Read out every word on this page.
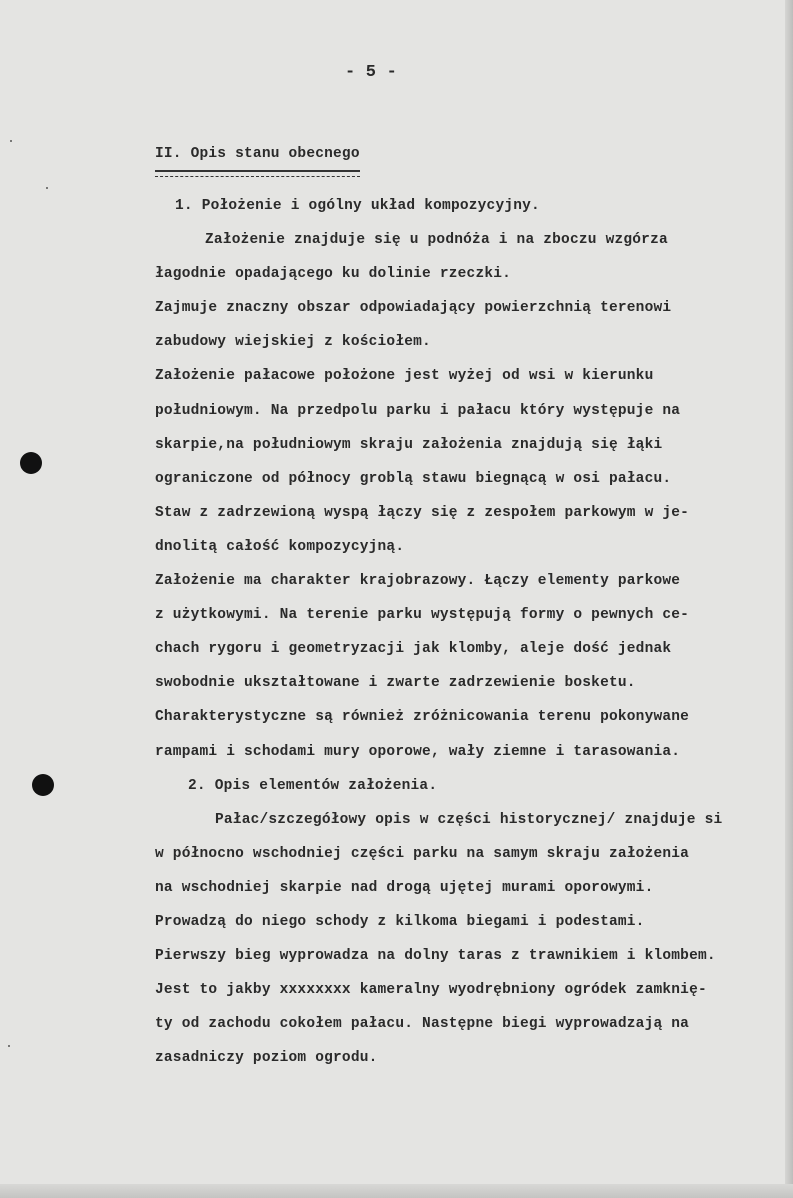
- 5 -
II. Opis stanu obecnego
1. Położenie i ogólny układ kompozycyjny.
Założenie znajduje się u podnóża i na zboczu wzgórza
łagodnie opadającego ku dolinie rzeczki.
Zajmuje znaczny obszar odpowiadający powierzchnią terenowi
zabudowy wiejskiej z kościołem.
Założenie pałacowe położone jest wyżej od wsi w kierunku
południowym. Na przedpolu parku i pałacu który występuje na
skarpie,na południowym skraju założenia znajdują się łąki
ograniczone od północy groblą stawu biegnącą w osi pałacu.
Staw z zadrzewioną wyspą łączy się z zespołem parkowym w je-
dnolitą całość kompozycyjną.
Założenie ma charakter krajobrazowy. Łączy elementy parkowe
z użytkowymi. Na terenie parku występują formy o pewnych ce-
chach rygoru i geometryzacji jak klomby, aleje dość jednak
swobodnie ukształtowane i zwarte zadrzewienie bosketu.
Charakterystyczne są również zróżnicowania terenu pokonywane
rampami i schodami mury oporowe, wały ziemne i tarasowania.
2. Opis elementów założenia.
Pałac/szczegółowy opis w części historycznej/ znajduje si
w północno wschodniej części parku na samym skraju założenia
na wschodniej skarpie nad drogą ujętej murami oporowymi.
Prowadzą do niego schody z kilkoma biegami i podestami.
Pierwszy bieg wyprowadza na dolny taras z trawnikiem i klombem.
Jest to jakby xxxxxxxx kameralny wyodrębniony ogródek zamknię-
ty od zachodu cokołem pałacu. Następne biegi wyprowadzają na
zasadniczy poziom ogrodu.
